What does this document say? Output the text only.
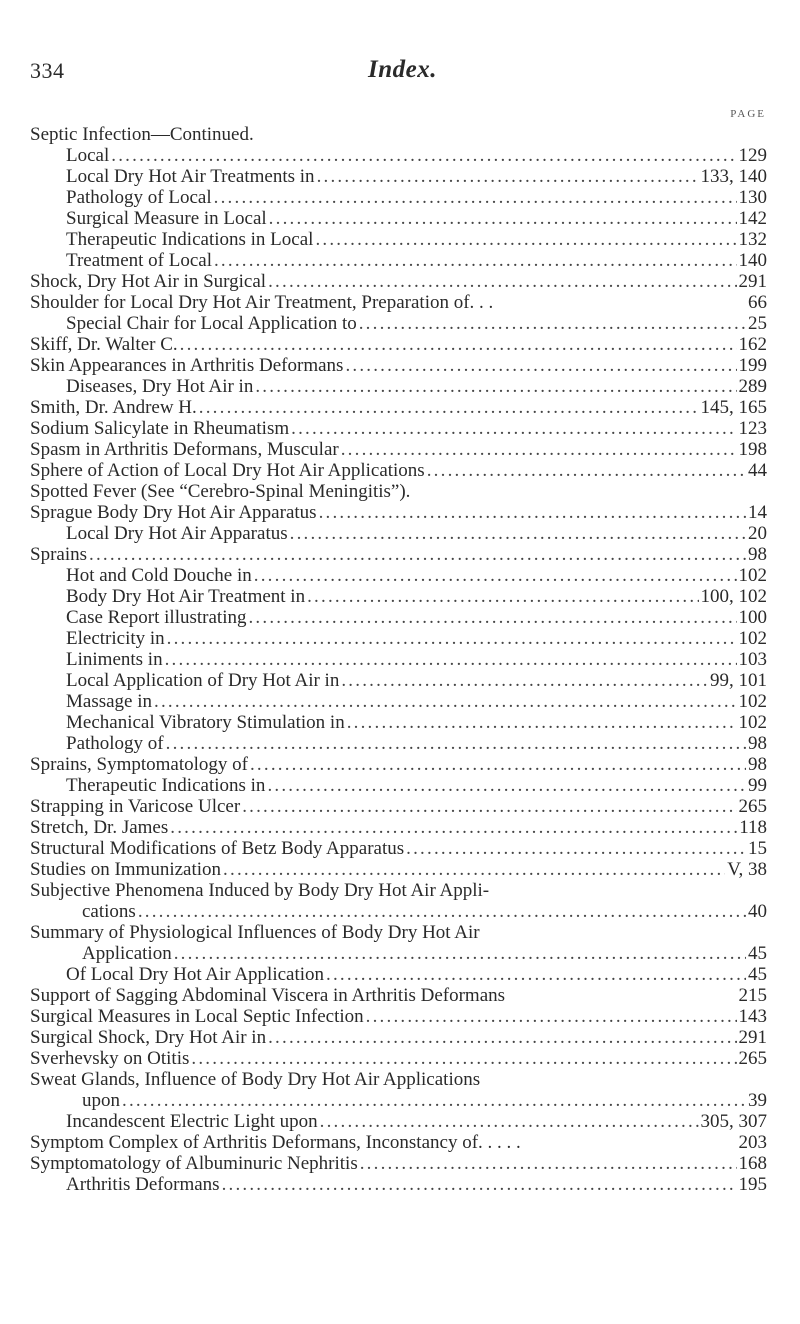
334	Index.
PAGE
Septic Infection—Continued.
Local .....	129
Local Dry Hot Air Treatments in .....	133, 140
Pathology of Local .....	130
Surgical Measure in Local .....	142
Therapeutic Indications in Local .....	132
Treatment of Local .....	140
Shock, Dry Hot Air in Surgical .....	291
Shoulder for Local Dry Hot Air Treatment, Preparation of. . .	66
Special Chair for Local Application to .....	25
Skiff, Dr. Walter C. .....	162
Skin Appearances in Arthritis Deformans .....	199
Diseases, Dry Hot Air in .....	289
Smith, Dr. Andrew H. .....	145, 165
Sodium Salicylate in Rheumatism .....	123
Spasm in Arthritis Deformans, Muscular .....	198
Sphere of Action of Local Dry Hot Air Applications .....	44
Spotted Fever (See “Cerebro-Spinal Meningitis”).
Sprague Body Dry Hot Air Apparatus .....	14
Local Dry Hot Air Apparatus .....	20
Sprains .....	98
Hot and Cold Douche in .....	102
Body Dry Hot Air Treatment in .....	100, 102
Case Report illustrating .....	100
Electricity in .....	102
Liniments in .....	103
Local Application of Dry Hot Air in .....	99, 101
Massage in .....	102
Mechanical Vibratory Stimulation in .....	102
Pathology of .....	98
Sprains, Symptomatology of .....	98
Therapeutic Indications in .....	99
Strapping in Varicose Ulcer .....	265
Stretch, Dr. James .....	118
Structural Modifications of Betz Body Apparatus .....	15
Studies on Immunization .....	V, 38
Subjective Phenomena Induced by Body Dry Hot Air Appli-
cations .....	40
Summary of Physiological Influences of Body Dry Hot Air
Application .....	45
Of Local Dry Hot Air Application .....	45
Support of Sagging Abdominal Viscera in Arthritis Deformans	215
Surgical Measures in Local Septic Infection .....	143
Surgical Shock, Dry Hot Air in .....	291
Sverhevsky on Otitis .....	265
Sweat Glands, Influence of Body Dry Hot Air Applications
upon .....	39
Incandescent Electric Light upon .....	305, 307
Symptom Complex of Arthritis Deformans, Inconstancy of. . . . .	203
Symptomatology of Albuminuric Nephritis .....	168
Arthritis Deformans .....	195
